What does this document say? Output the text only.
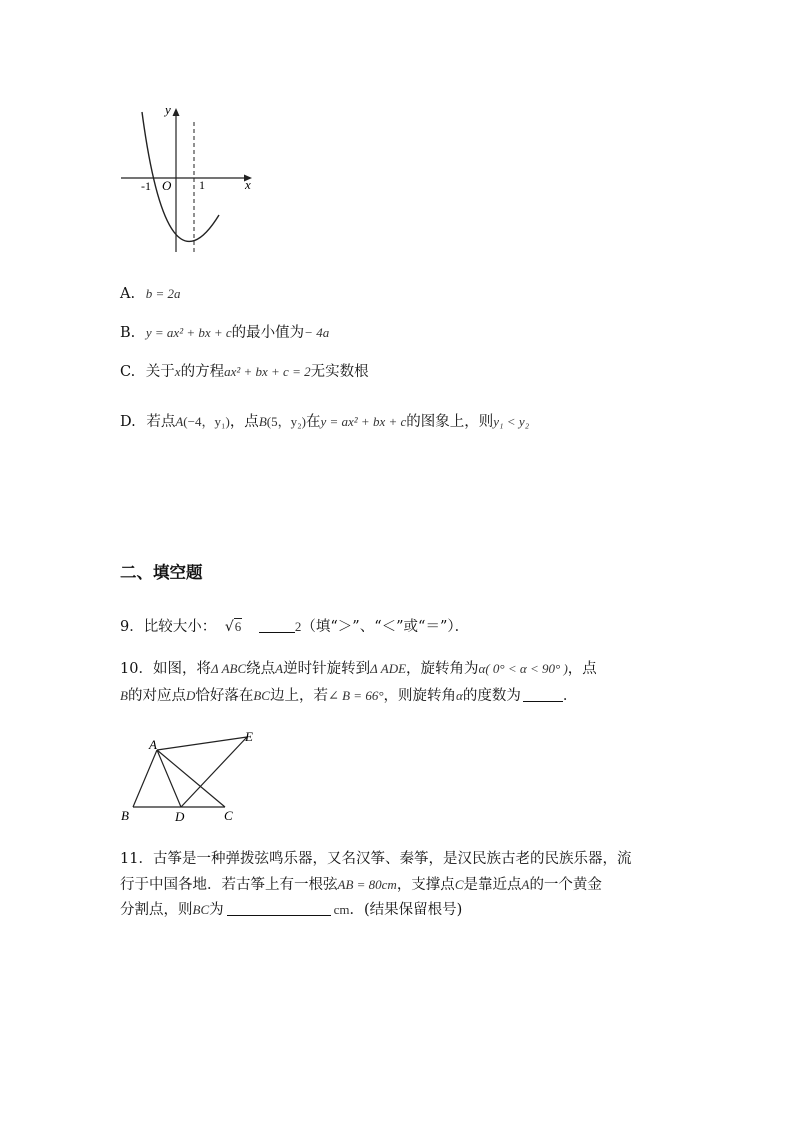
y
x
O
-1	1
A. b = 2a
B. y = ax² + bx + c的最小值为− 4a
C. 关于x的方程ax² + bx + c = 2无实数根
D. 若点A(−4，y₁)，点B(5，y₂)在y = ax² + bx + c的图象上，则y₁ < y₂
二、填空题
9．比较大小： √6	2（填“＞”、“＜”或“＝”）．
10．如图，将Δ ABC绕点A逆时针旋转到Δ ADE，旋转角为α( 0° < α < 90° )，点
B的对应点D恰好落在BC边上，若∠ B = 66°，则旋转角α的度数为	．
A
E
B	D	C
11．古筝是一种弹拨弦鸣乐器，又名汉筝、秦筝，是汉民族古老的民族乐器，流
行于中国各地．若古筝上有一根弦AB = 80cm，支撑点C是靠近点A的一个黄金
分割点，则BC为	cm．(结果保留根号)
